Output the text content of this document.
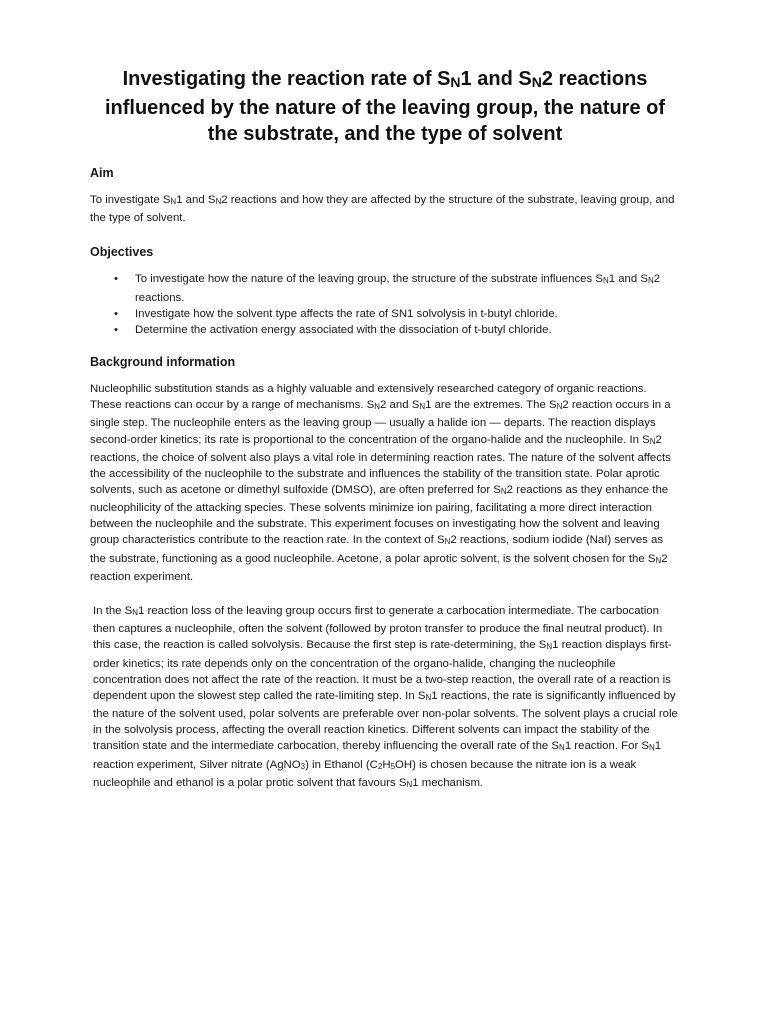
Investigating the reaction rate of SN1 and SN2 reactions influenced by the nature of the leaving group, the nature of the substrate, and the type of solvent
Aim

To investigate SN1 and SN2 reactions and how they are affected by the structure of the substrate, leaving group, and the type of solvent.

Objectives
• To investigate how the nature of the leaving group, the structure of the substrate influences SN1 and SN2 reactions.
• Investigate how the solvent type affects the rate of SN1 solvolysis in t-butyl chloride.
• Determine the activation energy associated with the dissociation of t-butyl chloride.
Background information

Nucleophilic substitution stands as a highly valuable and extensively researched category of organic reactions. These reactions can occur by a range of mechanisms. SN2 and SN1 are the extremes. The SN2 reaction occurs in a single step. The nucleophile enters as the leaving group — usually a halide ion — departs. The reaction displays second-order kinetics; its rate is proportional to the concentration of the organo-halide and the nucleophile. In SN2 reactions, the choice of solvent also plays a vital role in determining reaction rates. The nature of the solvent affects the accessibility of the nucleophile to the substrate and influences the stability of the transition state. Polar aprotic solvents, such as acetone or dimethyl sulfoxide (DMSO), are often preferred for SN2 reactions as they enhance the nucleophilicity of the attacking species. These solvents minimize ion pairing, facilitating a more direct interaction between the nucleophile and the substrate. This experiment focuses on investigating how the solvent and leaving group characteristics contribute to the reaction rate. In the context of SN2 reactions, sodium iodide (NaI) serves as the substrate, functioning as a good nucleophile. Acetone, a polar aprotic solvent, is the solvent chosen for the SN2 reaction experiment.

In the SN1 reaction loss of the leaving group occurs first to generate a carbocation intermediate. The carbocation then captures a nucleophile, often the solvent (followed by proton transfer to produce the final neutral product). In this case, the reaction is called solvolysis. Because the first step is rate-determining, the SN1 reaction displays first-order kinetics; its rate depends only on the concentration of the organo-halide, changing the nucleophile concentration does not affect the rate of the reaction. It must be a two-step reaction, the overall rate of a reaction is dependent upon the slowest step called the rate-limiting step. In SN1 reactions, the rate is significantly influenced by the nature of the solvent used, polar solvents are preferable over non-polar solvents. The solvent plays a crucial role in the solvolysis process, affecting the overall reaction kinetics. Different solvents can impact the stability of the transition state and the intermediate carbocation, thereby influencing the overall rate of the SN1 reaction. For SN1 reaction experiment, Silver nitrate (AgNO3) in Ethanol (C2H5OH) is chosen because the nitrate ion is a weak nucleophile and ethanol is a polar protic solvent that favours SN1 mechanism.
